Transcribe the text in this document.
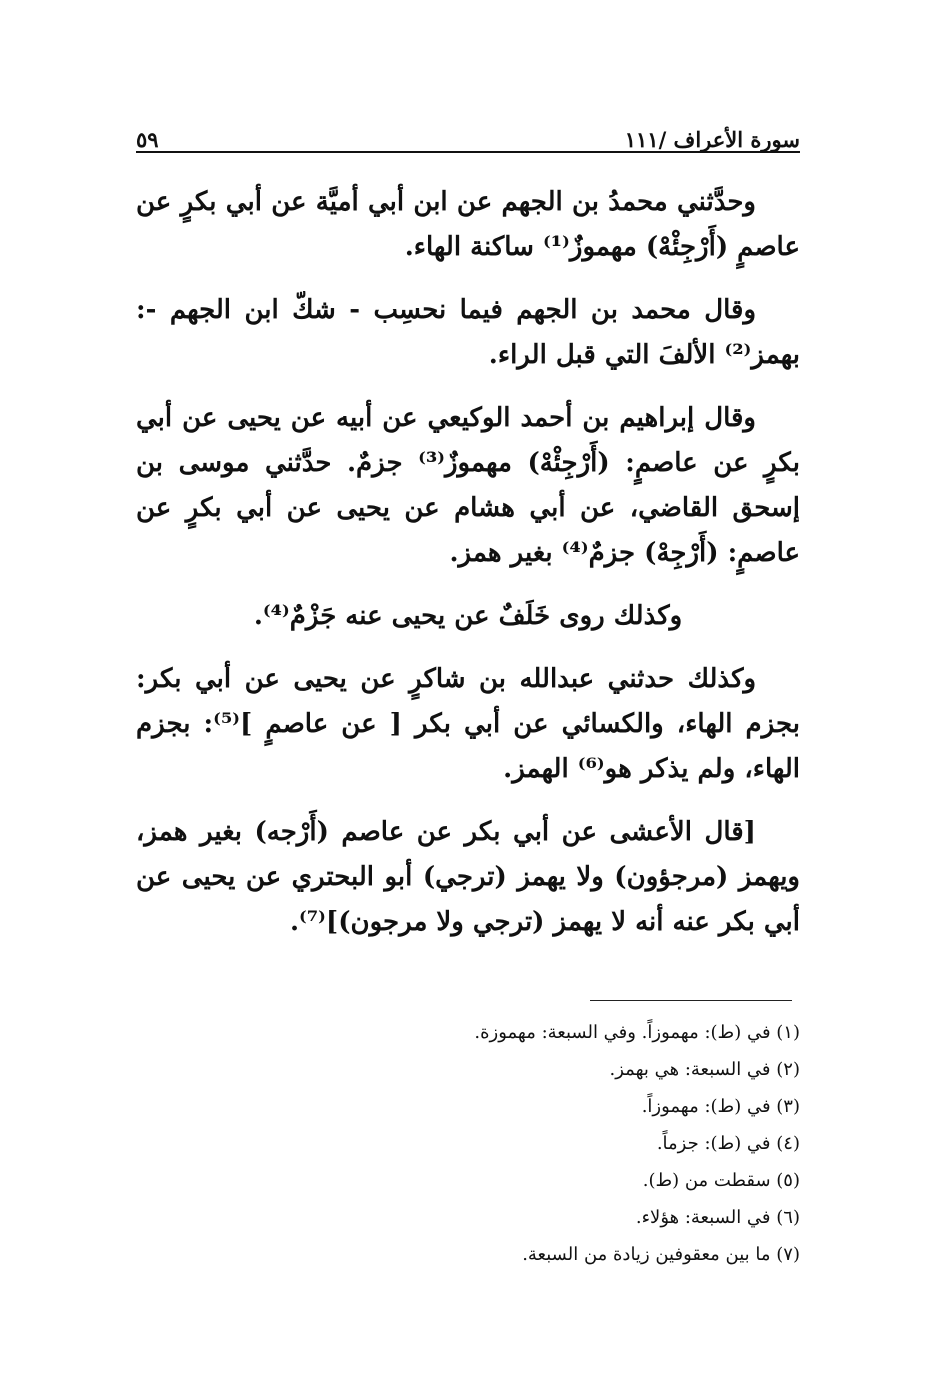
سورة الأعراف /١١١
٥٩

وحدَّثني محمدُ بن الجهم عن ابن أبي أميَّة عن أبي بكرٍ عن عاصمٍ (أَرْجِئْهْ) مهموزٌ⁽¹⁾ ساكنة الهاء.

وقال محمد بن الجهم فيما نحسِب - شكّ ابن الجهم -: بهمز⁽²⁾ الألفَ التي قبل الراء.

وقال إبراهيم بن أحمد الوكيعي عن أبيه عن يحيى عن أبي بكرٍ عن عاصمٍ: (أَرْجِئْهْ) مهموزٌ⁽³⁾ جزمٌ. حدَّثني موسى بن إسحق القاضي، عن أبي هشام عن يحيى عن أبي بكرٍ عن عاصمٍ: (أَرْجِهْ) جزمٌ⁽⁴⁾ بغير همز.

وكذلك روى خَلَفٌ عن يحيى عنه جَزْمٌ⁽⁴⁾.

وكذلك حدثني عبدالله بن شاكرٍ عن يحيى عن أبي بكر: بجزم الهاء، والكسائي عن أبي بكر [ عن عاصمٍ ]⁽⁵⁾: بجزم الهاء، ولم يذكر هو⁽⁶⁾ الهمز.

[قال الأعشى عن أبي بكر عن عاصم (أَرْجه) بغير همز، ويهمز (مرجؤون) ولا يهمز (ترجي) أبو البحتري عن يحيى عن أبي بكر عنه أنه لا يهمز (ترجي ولا مرجون)]⁽⁷⁾.

(١) في (ط): مهموزاً. وفي السبعة: مهموزة.
(٢) في السبعة: هي بهمز.
(٣) في (ط): مهموزاً.
(٤) في (ط): جزماً.
(٥) سقطت من (ط).
(٦) في السبعة: هؤلاء.
(٧) ما بين معقوفين زيادة من السبعة.
